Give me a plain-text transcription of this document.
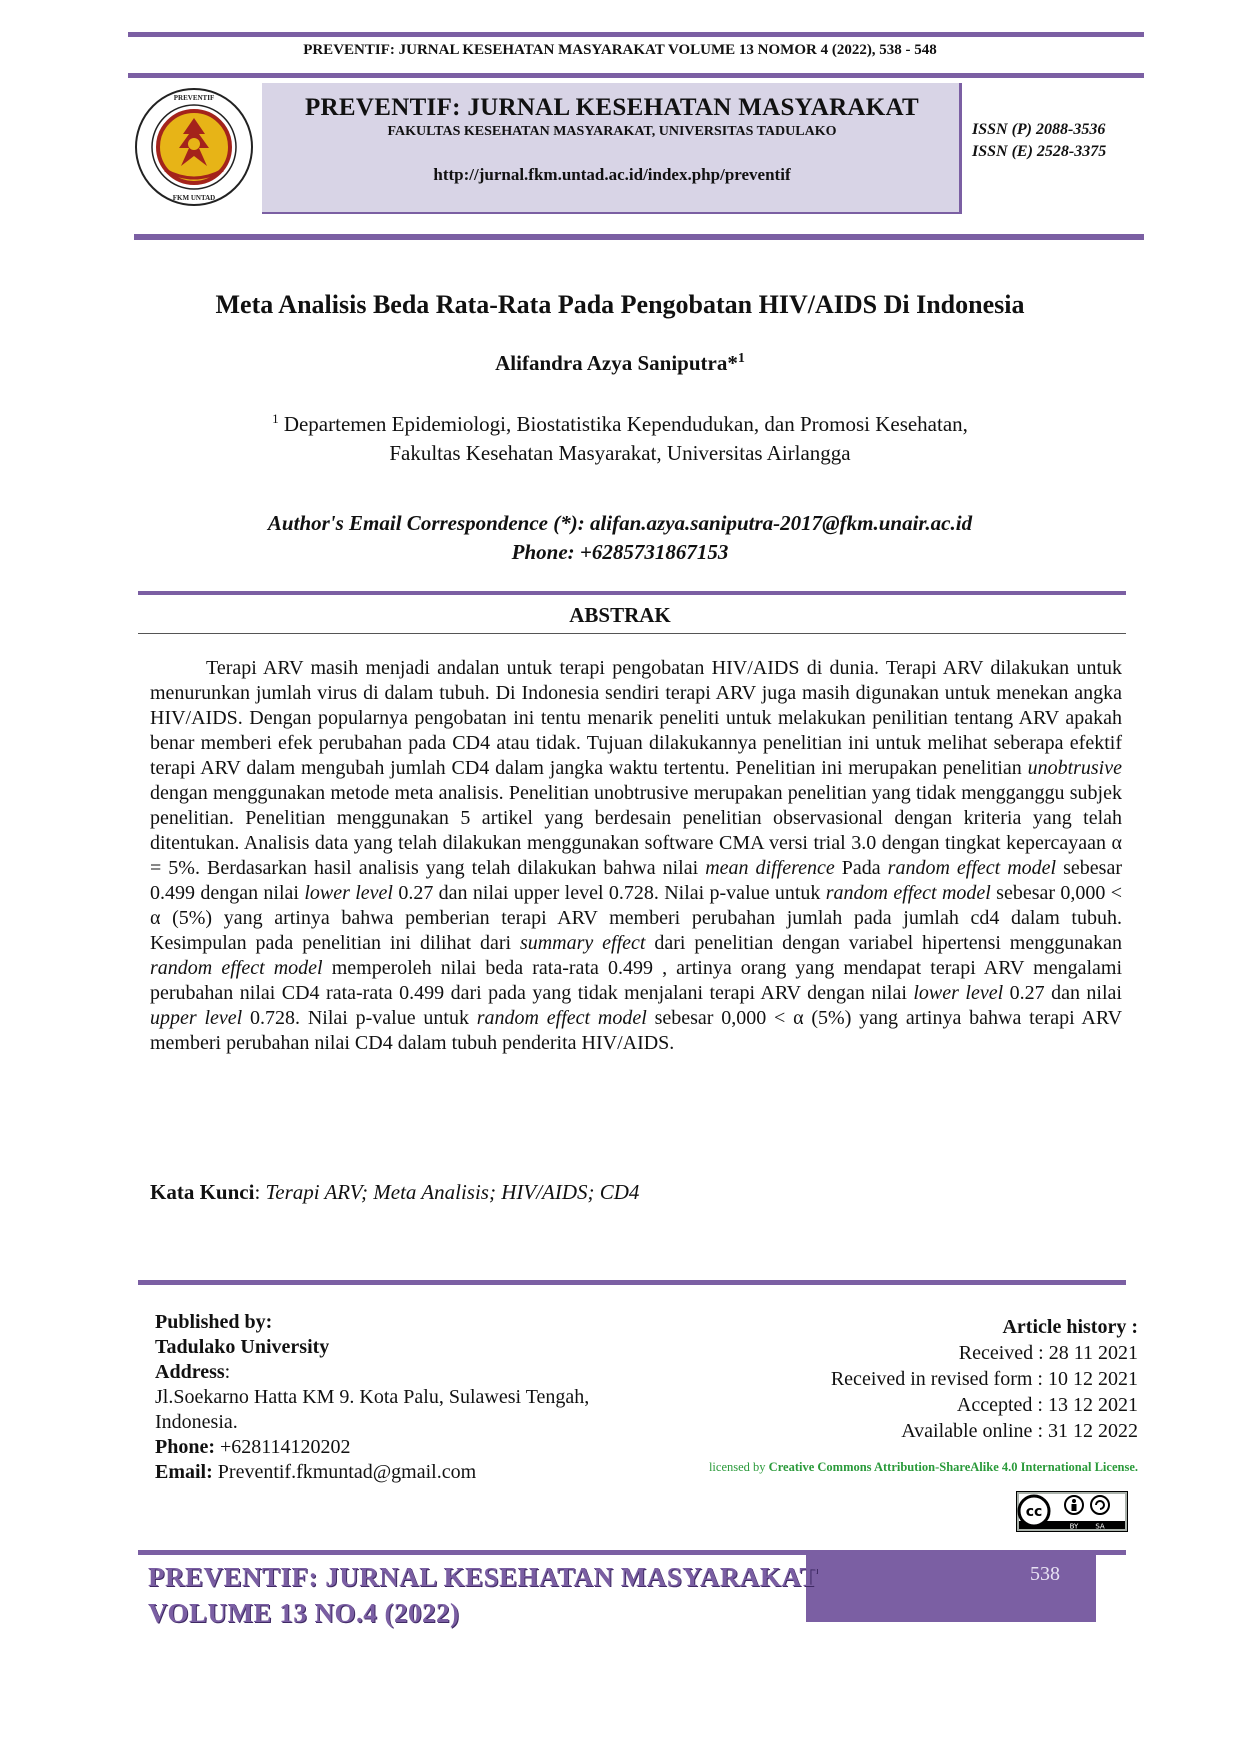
PREVENTIF: JURNAL KESEHATAN MASYARAKAT VOLUME 13 NOMOR 4 (2022), 538 - 548
PREVENTIF
FKM UNTAD
PREVENTIF: JURNAL KESEHATAN MASYARAKAT
FAKULTAS KESEHATAN MASYARAKAT, UNIVERSITAS TADULAKO
http://jurnal.fkm.untad.ac.id/index.php/preventif
ISSN (P) 2088-3536
ISSN (E) 2528-3375
Meta Analisis Beda Rata-Rata Pada Pengobatan HIV/AIDS Di Indonesia
Alifandra Azya Saniputra*$^1$
$^1$ Departemen Epidemiologi, Biostatistika Kependudukan, dan Promosi Kesehatan,
Fakultas Kesehatan Masyarakat, Universitas Airlangga
Author's Email Correspondence (*): alifan.azya.saniputra-2017@fkm.unair.ac.id
Phone: +6285731867153
ABSTRAK
Terapi ARV masih menjadi andalan untuk terapi pengobatan HIV/AIDS di dunia. Terapi ARV dilakukan untuk menurunkan jumlah virus di dalam tubuh. Di Indonesia sendiri terapi ARV juga masih digunakan untuk menekan angka HIV/AIDS. Dengan popularnya pengobatan ini tentu menarik peneliti untuk melakukan penilitian tentang ARV apakah benar memberi efek perubahan pada CD4 atau tidak. Tujuan dilakukannya penelitian ini untuk melihat seberapa efektif terapi ARV dalam mengubah jumlah CD4 dalam jangka waktu tertentu. Penelitian ini merupakan penelitian unobtrusive dengan menggunakan metode meta analisis. Penelitian unobtrusive merupakan penelitian yang tidak mengganggu subjek penelitian. Penelitian menggunakan 5 artikel yang berdesain penelitian observasional dengan kriteria yang telah ditentukan. Analisis data yang telah dilakukan menggunakan software CMA versi trial 3.0 dengan tingkat kepercayaan α = 5%. Berdasarkan hasil analisis yang telah dilakukan bahwa nilai mean difference Pada random effect model sebesar 0.499 dengan nilai lower level 0.27 dan nilai upper level 0.728. Nilai p-value untuk random effect model sebesar 0,000 < α (5%) yang artinya bahwa pemberian terapi ARV memberi perubahan jumlah pada jumlah cd4 dalam tubuh. Kesimpulan pada penelitian ini dilihat dari summary effect dari penelitian dengan variabel hipertensi menggunakan random effect model memperoleh nilai beda rata-rata 0.499 , artinya orang yang mendapat terapi ARV mengalami perubahan nilai CD4 rata-rata 0.499 dari pada yang tidak menjalani terapi ARV dengan nilai lower level 0.27 dan nilai upper level 0.728. Nilai p-value untuk random effect model sebesar 0,000 < α (5%) yang artinya bahwa terapi ARV memberi perubahan nilai CD4 dalam tubuh penderita HIV/AIDS.
Kata Kunci: Terapi ARV; Meta Analisis; HIV/AIDS; CD4
Published by:
Tadulako University
Address:
Jl.Soekarno Hatta KM 9. Kota Palu, Sulawesi Tengah, Indonesia.
Phone: +628114120202
Email: Preventif.fkmuntad@gmail.com
Article history :
Received : 28 11 2021
Received in revised form : 10 12 2021
Accepted : 13 12 2021
Available online : 31 12 2022
licensed by Creative Commons Attribution-ShareAlike 4.0 International License.
cc
BY SA
538
PREVENTIF: JURNAL KESEHATAN MASYARAKAT
VOLUME 13 NO.4 (2022)
